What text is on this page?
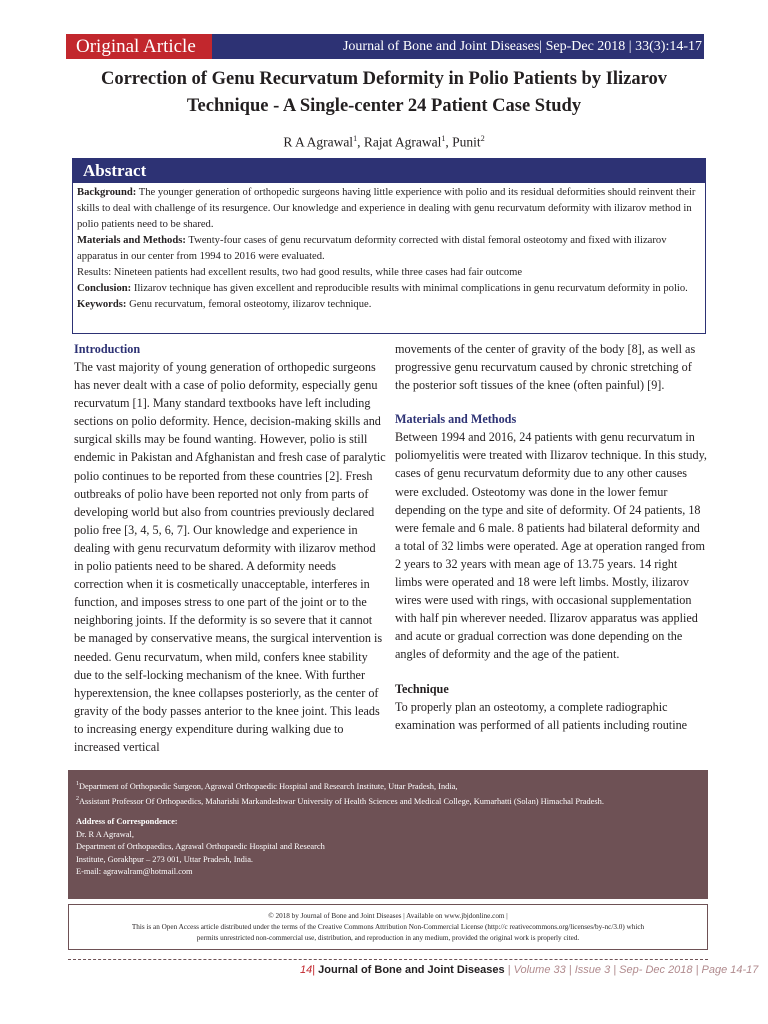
Original Article	Journal of Bone and Joint Diseases| Sep-Dec 2018 | 33(3):14-17
Correction of Genu Recurvatum Deformity in Polio Patients by Ilizarov
Technique - A Single-center 24 Patient Case Study
R A Agrawal$^1$, Rajat Agrawal$^1$, Punit$^2$
Abstract

Background: The younger generation of orthopedic surgeons having little experience with polio and its residual deformities should reinvent their skills to deal with challenge of its resurgence. Our knowledge and experience in dealing with genu recurvatum deformity with ilizarov method in polio patients need to be shared.

Materials and Methods: Twenty-four cases of genu recurvatum deformity corrected with distal femoral osteotomy and fixed with ilizarov apparatus in our center from 1994 to 2016 were evaluated.

Results: Nineteen patients had excellent results, two had good results, while three cases had fair outcome

Conclusion: Ilizarov technique has given excellent and reproducible results with minimal complications in genu recurvatum deformity in polio.

Keywords: Genu recurvatum, femoral osteotomy, ilizarov technique.

Introduction

The vast majority of young generation of orthopedic surgeons has never dealt with a case of polio deformity, especially genu recurvatum [1]. Many standard textbooks have left including sections on polio deformity. Hence, decision-making skills and surgical skills may be found wanting. However, polio is still endemic in Pakistan and Afghanistan and fresh case of paralytic polio continues to be reported from these countries [2]. Fresh outbreaks of polio have been reported not only from parts of developing world but also from countries previously declared polio free [3, 4, 5, 6, 7]. Our knowledge and experience in dealing with genu recurvatum deformity with ilizarov method in polio patients need to be shared. A deformity needs correction when it is cosmetically unacceptable, interferes in function, and imposes stress to one part of the joint or to the neighboring joints. If the deformity is so severe that it cannot be managed by conservative means, the surgical intervention is needed. Genu recurvatum, when mild, confers knee stability due to the self-locking mechanism of the knee. With further hyperextension, the knee collapses posteriorly, as the center of gravity of the body passes anterior to the knee joint. This leads to increasing energy expenditure during walking due to increased vertical

movements of the center of gravity of the body [8], as well as progressive genu recurvatum caused by chronic stretching of the posterior soft tissues of the knee (often painful) [9].

Materials and Methods

Between 1994 and 2016, 24 patients with genu recurvatum in poliomyelitis were treated with Ilizarov technique. In this study, cases of genu recurvatum deformity due to any other causes were excluded. Osteotomy was done in the lower femur depending on the type and site of deformity. Of 24 patients, 18 were female and 6 male. 8 patients had bilateral deformity and a total of 32 limbs were operated. Age at operation ranged from 2 years to 32 years with mean age of 13.75 years. 14 right limbs were operated and 18 were left limbs. Mostly, ilizarov wires were used with rings, with occasional supplementation with half pin wherever needed. Ilizarov apparatus was applied and acute or gradual correction was done depending on the angles of deformity and the age of the patient.

Technique

To properly plan an osteotomy, a complete radiographic examination was performed of all patients including routine

$^1$Department of Orthopaedic Surgeon, Agrawal Orthopaedic Hospital and Research Institute, Uttar Pradesh, India,
$^2$Assistant Professor Of Orthopaedics, Maharishi Markandeshwar University of Health Sciences and Medical College, Kumarhatti (Solan) Himachal Pradesh.
Address of Correspondence:
Dr. R A Agrawal,
Department of Orthopaedics, Agrawal Orthopaedic Hospital and Research
Institute, Gorakhpur – 273 001, Uttar Pradesh, India.
E-mail: agrawalram@hotmail.com
© 2018 by Journal of Bone and Joint Diseases | Available on www.jbjdonline.com |
This is an Open Access article distributed under the terms of the Creative Commons Attribution Non-Commercial License (http://c reativecommons.org/licenses/by-nc/3.0) which
permits unrestricted non-commercial use, distribution, and reproduction in any medium, provided the original work is properly cited.
14| Journal of Bone and Joint Diseases | Volume 33 | Issue 3 | Sep- Dec 2018 | Page 14-17
